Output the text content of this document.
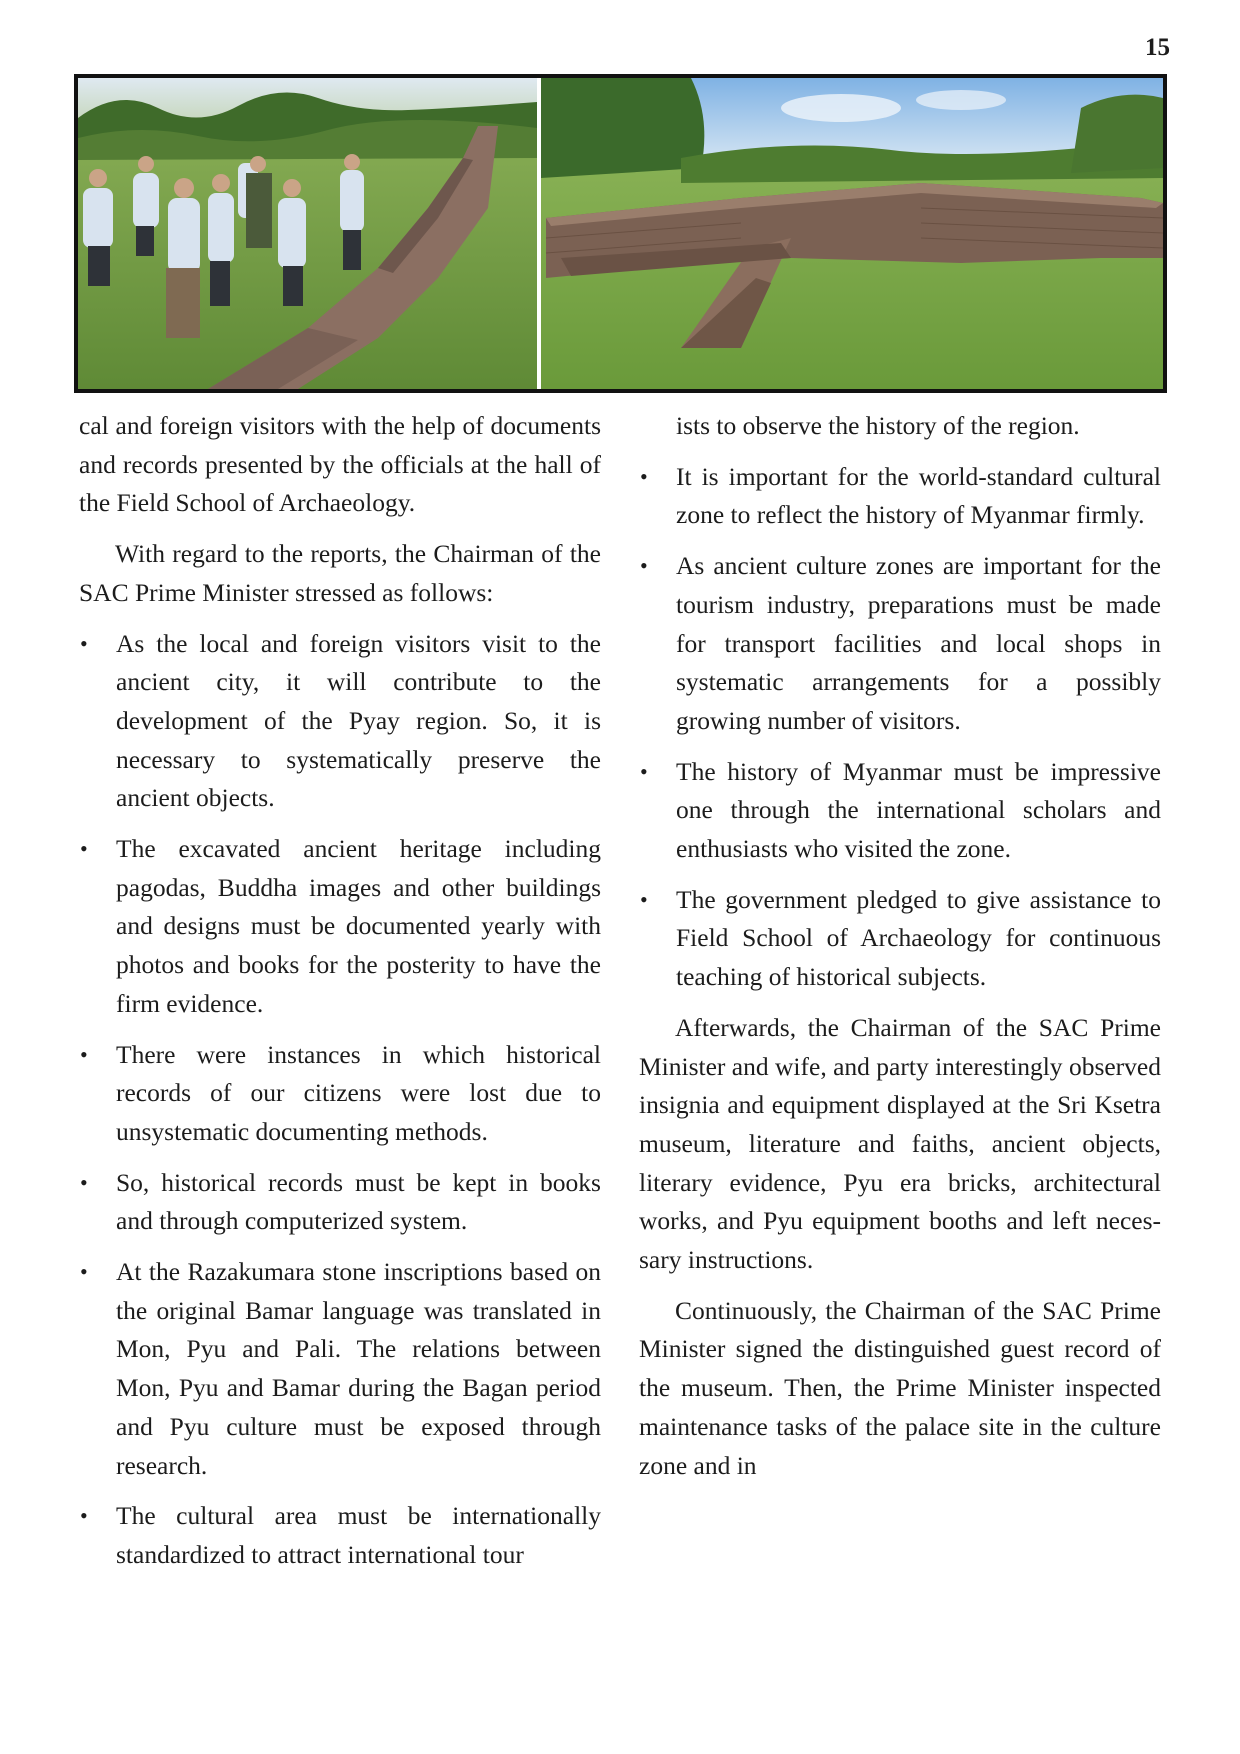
15

cal and foreign visitors with the help of documents and records presented by the officials at the hall of the Field School of Archaeology.

With regard to the reports, the Chairman of the SAC Prime Minister stressed as follows:

• As the local and foreign visitors visit to the ancient city, it will contribute to the development of the Pyay region. So, it is necessary to systematically preserve the ancient objects.
• The excavated ancient heritage including pagodas, Buddha images and other buildings and designs must be documented yearly with photos and books for the posterity to have the firm evidence.
• There were instances in which historical records of our citizens were lost due to unsystematic documenting methods.
• So, historical records must be kept in books and through computerized system.
• At the Razakumara stone inscriptions based on the original Bamar language was translated in Mon, Pyu and Pali. The relations between Mon, Pyu and Bamar during the Bagan period and Pyu culture must be exposed through research.
• The cultural area must be internationally standardized to attract international tour
ists to observe the history of the region.
• It is important for the world-standard cultural zone to reflect the history of Myanmar firmly.
• As ancient culture zones are important for the tourism industry, preparations must be made for transport facilities and local shops in systematic arrangements for a possibly growing number of visitors.
• The history of Myanmar must be impressive one through the international scholars and enthusiasts who visited the zone.
• The government pledged to give assistance to Field School of Archaeology for continuous teaching of historical subjects.

Afterwards, the Chairman of the SAC Prime Minister and wife, and party interestingly observed insignia and equipment displayed at the Sri Ksetra museum, literature and faiths, ancient objects, literary evidence, Pyu era bricks, architectural works, and Pyu equipment booths and left necessary instructions.

Continuously, the Chairman of the SAC Prime Minister signed the distinguished guest record of the museum. Then, the Prime Minister inspected maintenance tasks of the palace site in the culture zone and in
